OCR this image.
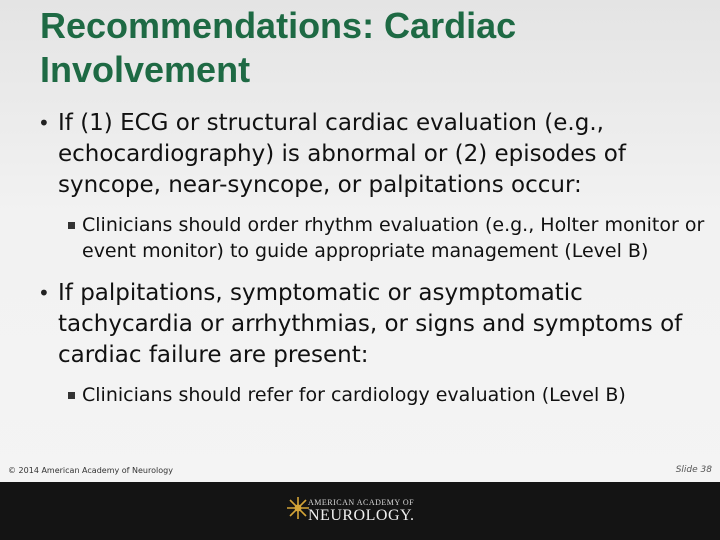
Recommendations: Cardiac Involvement
• If (1) ECG or structural cardiac evaluation (e.g., echocardiography) is abnormal or (2) episodes of syncope, near-syncope, or palpitations occur:
Clinicians should order rhythm evaluation (e.g., Holter monitor or event monitor) to guide appropriate management (Level B)
• If palpitations, symptomatic or asymptomatic tachycardia or arrhythmias, or signs and symptoms of cardiac failure are present:
Clinicians should refer for cardiology evaluation (Level B)
© 2014 American Academy of Neurology	Slide 38
AMERICAN ACADEMY OF
NEUROLOGY.
